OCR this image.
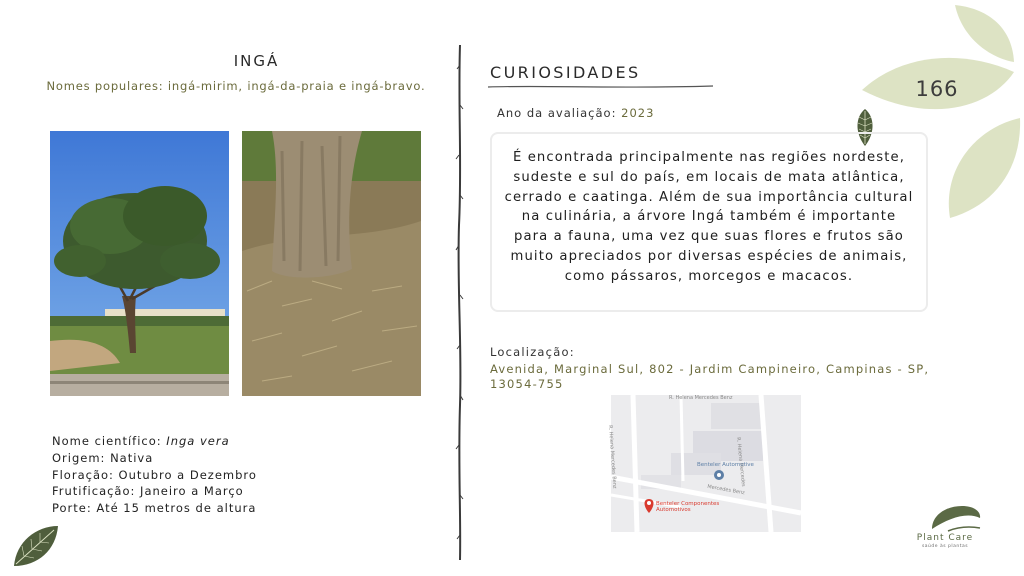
166
INGÁ
Nomes populares: ingá-mirim, ingá-da-praia e ingá-bravo.
Nome científico: Inga vera
Origem: Nativa
Floração: Outubro a Dezembro
Frutificação: Janeiro a Março
Porte: Até 15 metros de altura
CURIOSIDADES
Ano da avaliação: 2023

É encontrada principalmente nas regiões nordeste, sudeste e sul do país, em locais de mata atlântica, cerrado e caatinga. Além de sua importância cultural na culinária, a árvore Ingá também é importante para a fauna, uma vez que suas flores e frutos são muito apreciados por diversas espécies de animais, como pássaros, morcegos e macacos.

Localização:
Avenida, Marginal Sul, 802 - Jardim Campineiro, Campinas - SP, 13054-755
R. Helena Mercedes Benz
R. Helena Mercedes Benz	R. Helena Mercedes
Mercedes Benz
Benteler Automotive
Benteler Componentes
Automotivos
Plant Care
saúde às plantas
